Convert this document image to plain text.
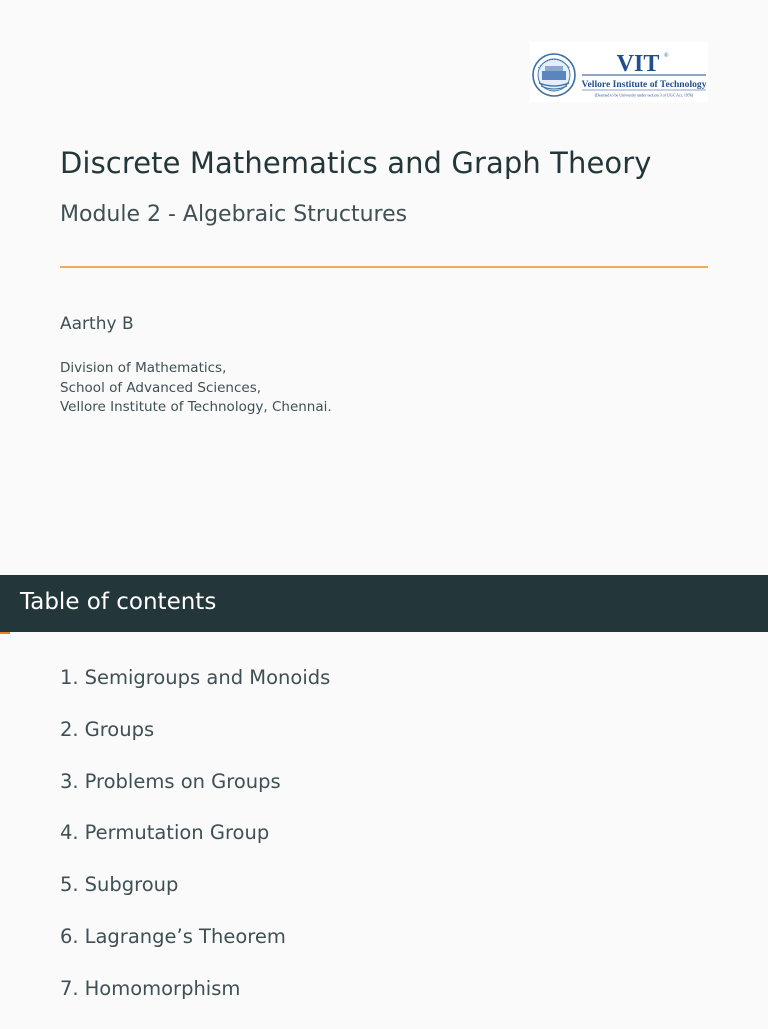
VIT ®
Vellore Institute of Technology
(Deemed to be University under section 3 of UGC Act, 1956)
Discrete Mathematics and Graph Theory
Module 2 - Algebraic Structures
Aarthy B
Division of Mathematics,
School of Advanced Sciences,
Vellore Institute of Technology, Chennai.
Table of contents
1. Semigroups and Monoids
2. Groups
3. Problems on Groups
4. Permutation Group
5. Subgroup
6. Lagrange’s Theorem
7. Homomorphism
